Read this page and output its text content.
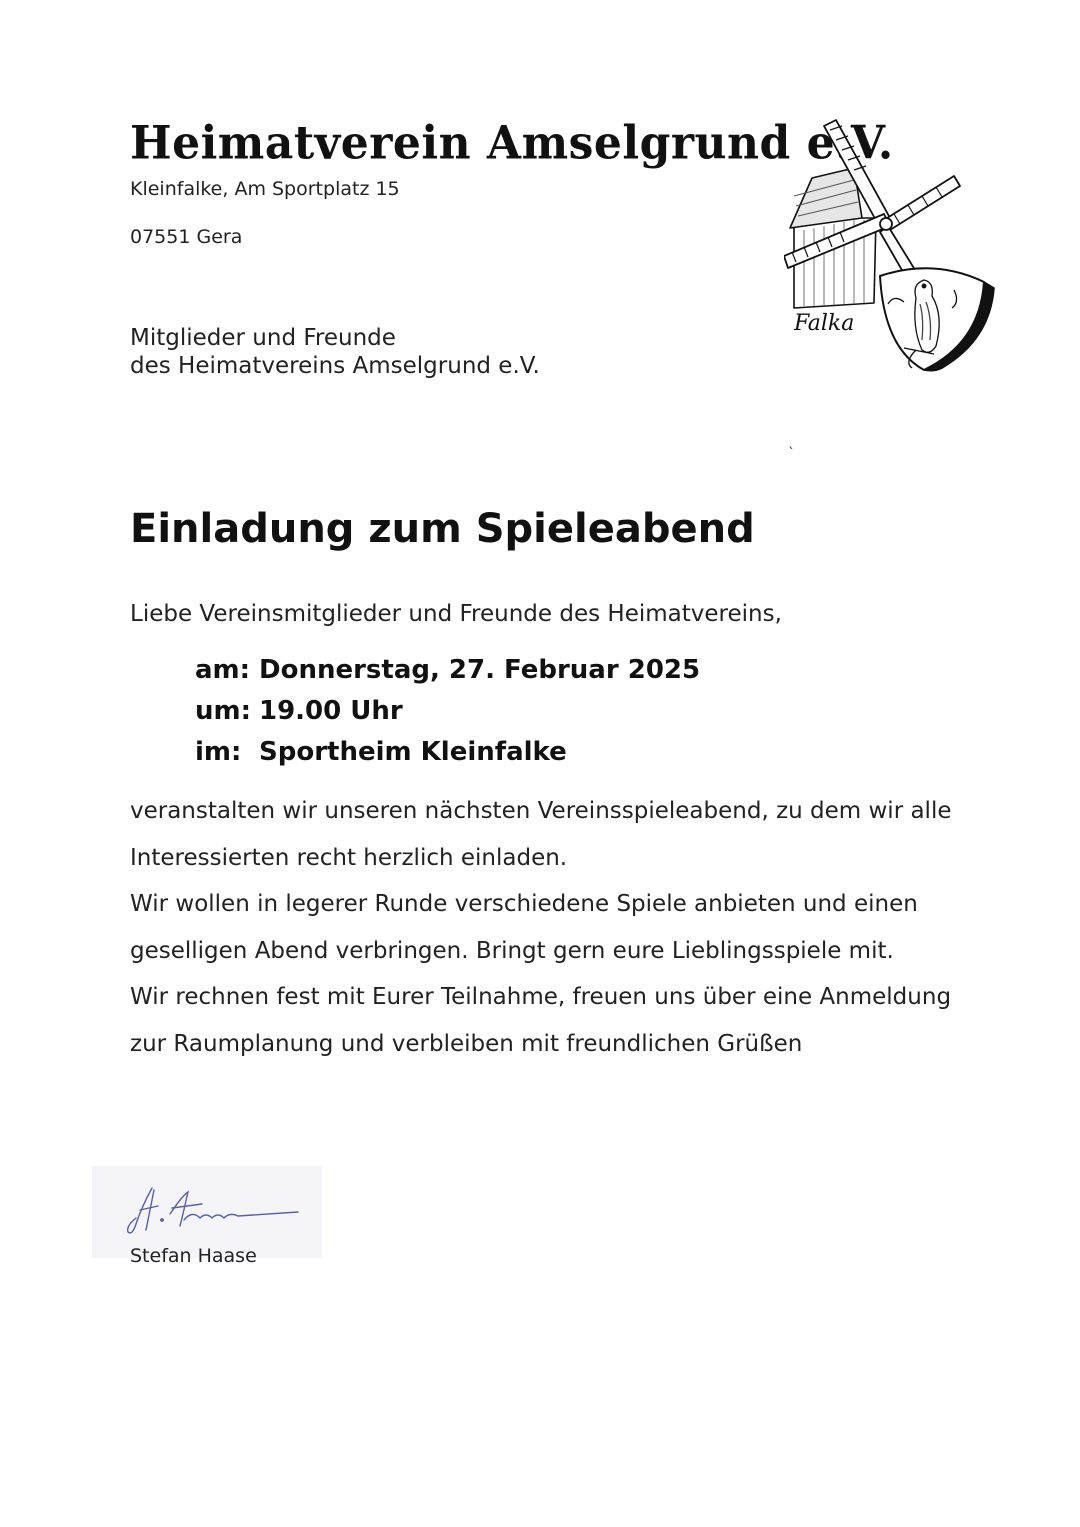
Heimatverein Amselgrund e.V.
Kleinfalke, Am Sportplatz 15
07551 Gera
Falka
`
Mitglieder und Freunde
des Heimatvereins Amselgrund e.V.
Einladung zum Spieleabend
Liebe Vereinsmitglieder und Freunde des Heimatvereins,
am: Donnerstag, 27. Februar 2025
um: 19.00 Uhr
im: Sportheim Kleinfalke

veranstalten wir unseren nächsten Vereinsspieleabend, zu dem wir alle Interessierten recht herzlich einladen.

Wir wollen in legerer Runde verschiedene Spiele anbieten und einen geselligen Abend verbringen. Bringt gern eure Lieblingsspiele mit.

Wir rechnen fest mit Eurer Teilnahme, freuen uns über eine Anmeldung zur Raumplanung und verbleiben mit freundlichen Grüßen

Stefan Haase
